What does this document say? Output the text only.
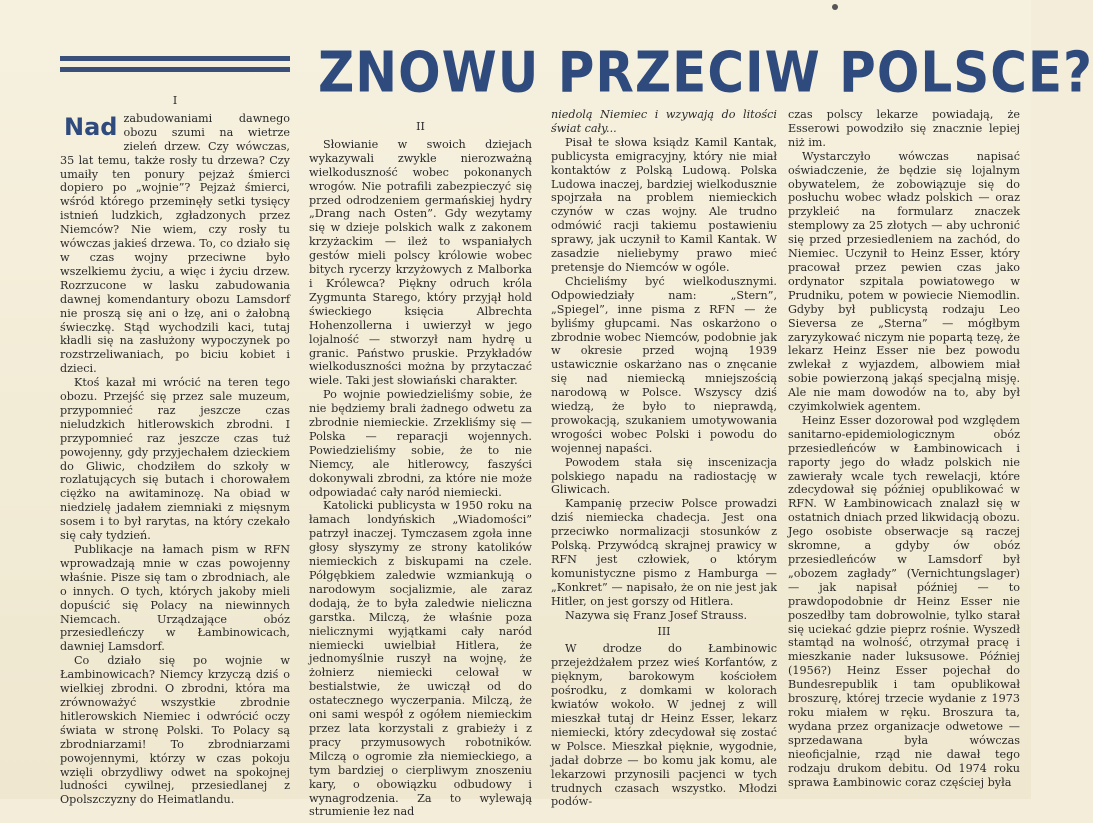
ZNOWU PRZECIW POLSCE?
I

Nad zabudowaniami dawnego obozu szumi na wietrze zieleń drzew. Czy wówczas, 35 lat temu, także rosły tu drzewa? Czy umaiły ten ponury pejzaż śmierci dopiero po „wojnie”? Pejzaż śmierci, wśród którego przeminęły setki tysięcy istnień ludzkich, zgładzonych przez Niemców? Nie wiem, czy rosły tu wówczas jakieś drzewa. To, co działo się w czas wojny przeciwne było wszelkiemu życiu, a więc i życiu drzew. Rozrzucone w lasku zabudowania dawnej komendantury obozu Lamsdorf nie proszą się ani o łzę, ani o żałobną świeczkę. Stąd wychodzili kaci, tutaj kładli się na zasłużony wypoczynek po rozstrzeliwaniach, po biciu kobiet i dzieci.

Ktoś kazał mi wrócić na teren tego obozu. Przejść się przez sale muzeum, przypomnieć raz jeszcze czas nieludzkich hitlerowskich zbrodni. I przypomnieć raz jeszcze czas tuż powojenny, gdy przyjechałem dzieckiem do Gliwic, chodziłem do szkoły w rozlatujących się butach i chorowałem ciężko na awitaminozę. Na obiad w niedzielę jadałem ziemniaki z mięsnym sosem i to był rarytas, na który czekało się cały tydzień.

Publikacje na łamach pism w RFN wprowadzają mnie w czas powojenny właśnie. Pisze się tam o zbrodniach, ale o innych. O tych, których jakoby mieli dopuścić się Polacy na niewinnych Niemcach. Urządzające obóz przesiedleńczy w Łambinowicach, dawniej Lamsdorf.

Co działo się po wojnie w Łambinowicach? Niemcy krzyczą dziś o wielkiej zbrodni. O zbrodni, która ma zrównoważyć wszystkie zbrodnie hitlerowskich Niemiec i odwrócić oczy świata w stronę Polski. To Polacy są zbrodniarzami! To zbrodniarzami powojennymi, którzy w czas pokoju wzięli obrzydliwy odwet na spokojnej ludności cywilnej, przesiedlanej z Opolszczyzny do Heimatlandu.

II

Słowianie w swoich dziejach wykazywali zwykle nierozważną wielkoduszność wobec pokonanych wrogów. Nie potrafili zabezpieczyć się przed odrodzeniem germańskiej hydry „Drang nach Osten”. Gdy wezytamy się w dzieje polskich walk z zakonem krzyżackim — ileż to wspaniałych gestów mieli polscy królowie wobec bitych rycerzy krzyżowych z Malborka i Królewca? Piękny odruch króla Zygmunta Starego, który przyjął hold świeckiego księcia Albrechta Hohenzollerna i uwierzył w jego lojalność — stworzył nam hydrę u granic. Państwo pruskie. Przykładów wielkoduszności można by przytaczać wiele. Taki jest słowiański charakter.

Po wojnie powiedzieliśmy sobie, że nie będziemy brali żadnego odwetu za zbrodnie niemieckie. Zrzekliśmy się — Polska — reparacji wojennych. Powiedzieliśmy sobie, że to nie Niemcy, ale hitlerowcy, faszyści dokonywali zbrodni, za które nie może odpowiadać cały naród niemiecki.

Katolicki publicysta w 1950 roku na łamach londyńskich „Wiadomości” patrzył inaczej. Tymczasem zgoła inne głosy słyszymy ze strony katolików niemieckich z biskupami na czele. Półgębkiem zaledwie wzmiankują o narodowym socjalizmie, ale zaraz dodają, że to była zaledwie nieliczna garstka. Milczą, że właśnie poza nielicznymi wyjątkami cały naród niemiecki uwielbiał Hitlera, że jednomyślnie ruszył na wojnę, że żołnierz niemiecki celował w bestialstwie, że uwiczął od do ostatecznego wyczerpania. Milczą, że oni sami wespół z ogółem niemieckim przez lata korzystali z grabieży i z pracy przymusowych robotników. Milczą o ogromie zła niemieckiego, a tym bardziej o cierpliwym znoszeniu kary, o obowiązku odbudowy i wynagrodzenia. Za to wylewają strumienie łez nad

niedolą Niemiec i wzywają do litości świat cały...

Pisał te słowa ksiądz Kamil Kantak, publicysta emigracyjny, który nie miał kontaktów z Polską Ludową. Polska Ludowa inaczej, bardziej wielkodusznie spojrzała na problem niemieckich czynów w czas wojny. Ale trudno odmówić racji takiemu postawieniu sprawy, jak uczynił to Kamil Kantak. W zasadzie nieliebymy prawo mieć pretensje do Niemców w ogóle.

Chcieliśmy być wielkodusznymi. Odpowiedziały nam: „Stern”, „Spiegel”, inne pisma z RFN — że byliśmy głupcami. Nas oskarżono o zbrodnie wobec Niemców, podobnie jak w okresie przed wojną 1939 ustawicznie oskarżano nas o znęcanie się nad niemiecką mniejszością narodową w Polsce. Wszyscy dziś wiedzą, że było to nieprawdą, prowokacją, szukaniem umotywowania wrogości wobec Polski i powodu do wojennej napaści.

Powodem stała się inscenizacja polskiego napadu na radiostację w Gliwicach.

Kampanię przeciw Polsce prowadzi dziś niemiecka chadecja. Jest ona przeciwko normalizacji stosunków z Polską. Przywódcą skrajnej prawicy w RFN jest człowiek, o którym komunistyczne pismo z Hamburga — „Konkret” — napisało, że on nie jest jak Hitler, on jest gorszy od Hitlera.

Nazywa się Franz Josef Strauss.

III

W drodze do Łambinowic przejeżdżałem przez wieś Korfantów, z pięknym, barokowym kościołem pośrodku, z domkami w kolorach kwiatów wokoło. W jednej z will mieszkał tutaj dr Heinz Esser, lekarz niemiecki, który zdecydował się zostać w Polsce. Mieszkał pięknie, wygodnie, jadał dobrze — bo komu jak komu, ale lekarzowi przynosili pacjenci w tych trudnych czasach wszystko. Młodzi podów-

czas polscy lekarze powiadają, że Esserowi powodziło się znacznie lepiej niż im.

Wystarczyło wówczas napisać oświadczenie, że będzie się lojalnym obywatelem, że zobowiązuje się do posłuchu wobec władz polskich — oraz przykleić na formularz znaczek stemplowy za 25 złotych — aby uchronić się przed przesiedleniem na zachód, do Niemiec. Uczynił to Heinz Esser, który pracował przez pewien czas jako ordynator szpitala powiatowego w Prudniku, potem w powiecie Niemodlin. Gdyby był publicystą rodzaju Leo Sieversa ze „Sterna” — mógłbym zaryzykować niczym nie popartą tezę, że lekarz Heinz Esser nie bez powodu zwlekał z wyjazdem, albowiem miał sobie powierzoną jakąś specjalną misję. Ale nie mam dowodów na to, aby był czyimkolwiek agentem.

Heinz Esser dozorował pod względem sanitarno-epidemiologicznym obóz przesiedleńców w Łambinowicach i raporty jego do władz polskich nie zawierały wcale tych rewelacji, które zdecydował się później opublikować w RFN. W Łambinowicach znalazł się w ostatnich dniach przed likwidacją obozu. Jego osobiste obserwacje są raczej skromne, a gdyby ów obóz przesiedleńców w Lamsdorf był „obozem zagłady” (Vernichtungslager) — jak napisał później — to prawdopodobnie dr Heinz Esser nie poszedłby tam dobrowolnie, tylko starał się uciekać gdzie pieprz rośnie. Wyszedł stamtąd na wolność, otrzymał pracę i mieszkanie nader luksusowe. Później (1956?) Heinz Esser pojechał do Bundesrepublik i tam opublikował broszurę, której trzecie wydanie z 1973 roku miałem w ręku. Broszura ta, wydana przez organizacje odwetowe — sprzedawana była wówczas nieoficjalnie, rząd nie dawał tego rodzaju drukom debitu. Od 1974 roku sprawa Łambinowic coraz częściej była
